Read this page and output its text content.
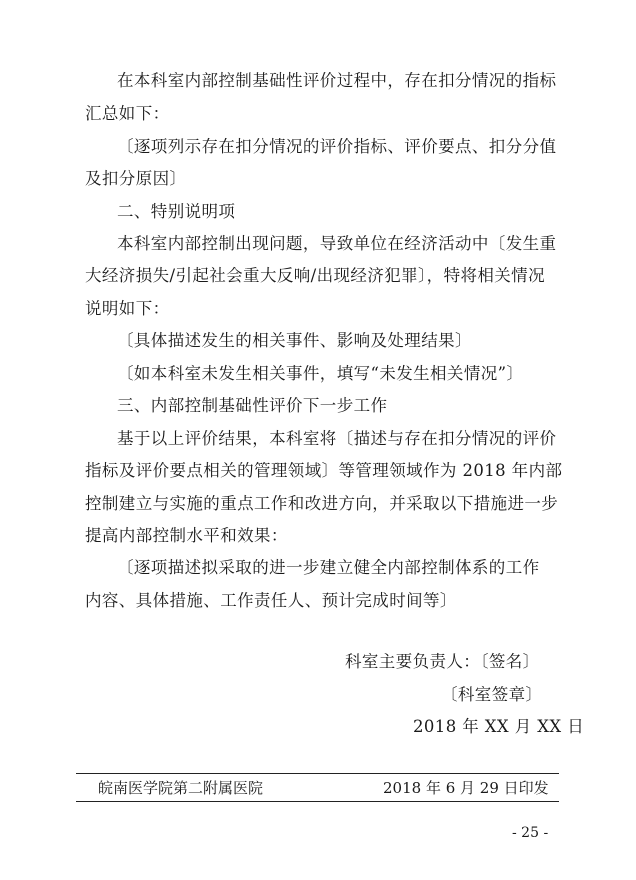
在本科室内部控制基础性评价过程中，存在扣分情况的指标
汇总如下：
〔逐项列示存在扣分情况的评价指标、评价要点、扣分分值
及扣分原因〕
二、特别说明项
本科室内部控制出现问题，导致单位在经济活动中〔发生重
大经济损失/引起社会重大反响/出现经济犯罪〕，特将相关情况
说明如下：
〔具体描述发生的相关事件、影响及处理结果〕
〔如本科室未发生相关事件，填写“未发生相关情况”〕
三、内部控制基础性评价下一步工作
基于以上评价结果，本科室将〔描述与存在扣分情况的评价
指标及评价要点相关的管理领域〕等管理领域作为 2018 年内部
控制建立与实施的重点工作和改进方向，并采取以下措施进一步
提高内部控制水平和效果：
〔逐项描述拟采取的进一步建立健全内部控制体系的工作
内容、具体措施、工作责任人、预计完成时间等〕
科室主要负责人：〔签名〕
〔科室签章〕
2018 年 XX 月 XX 日
皖南医学院第二附属医院	2018 年 6 月 29 日印发
- 25 -
